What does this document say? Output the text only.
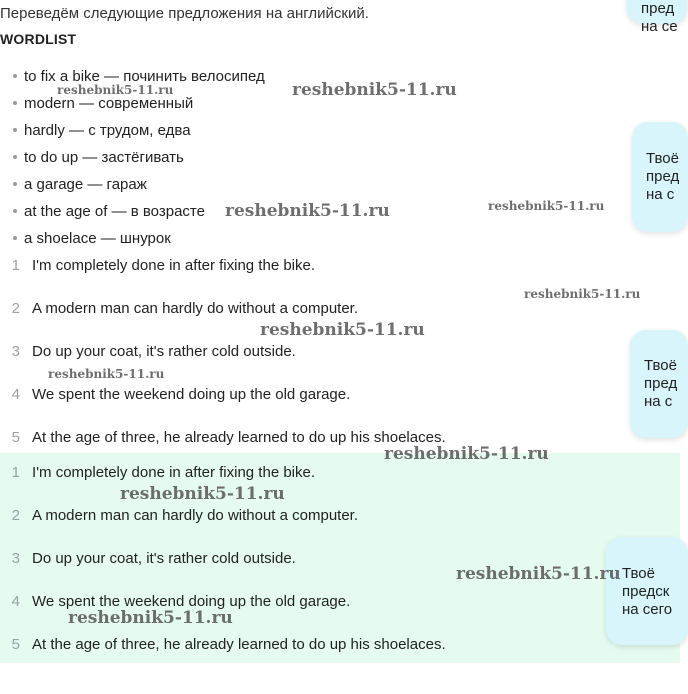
Переведём следующие предложения на английский.
WORDLIST
to fix a bike — починить велосипед
modern — современный
hardly — с трудом, едва
to do up — застёгивать
a garage — гараж
at the age of — в возрасте
a shoelace — шнурок
1 I'm completely done in after fixing the bike.
2 A modern man can hardly do without a computer.
3 Do up your coat, it's rather cold outside.
4 We spent the weekend doing up the old garage.
5 At the age of three, he already learned to do up his shoelaces.
1 I'm completely done in after fixing the bike.
2 A modern man can hardly do without a computer.
3 Do up your coat, it's rather cold outside.
4 We spent the weekend doing up the old garage.
5 At the age of three, he already learned to do up his shoelaces.
пред
на се
Твоё
пред
на с
Твоё
пред
на с
Твоё
предск
на сего
reshebnik5-11.ru	reshebnik5-11.ru
reshebnik5-11.ru	reshebnik5-11.ru
reshebnik5-11.ru
reshebnik5-11.ru
reshebnik5-11.ru
reshebnik5-11.ru
reshebnik5-11.ru
reshebnik5-11.ru
reshebnik5-11.ru
